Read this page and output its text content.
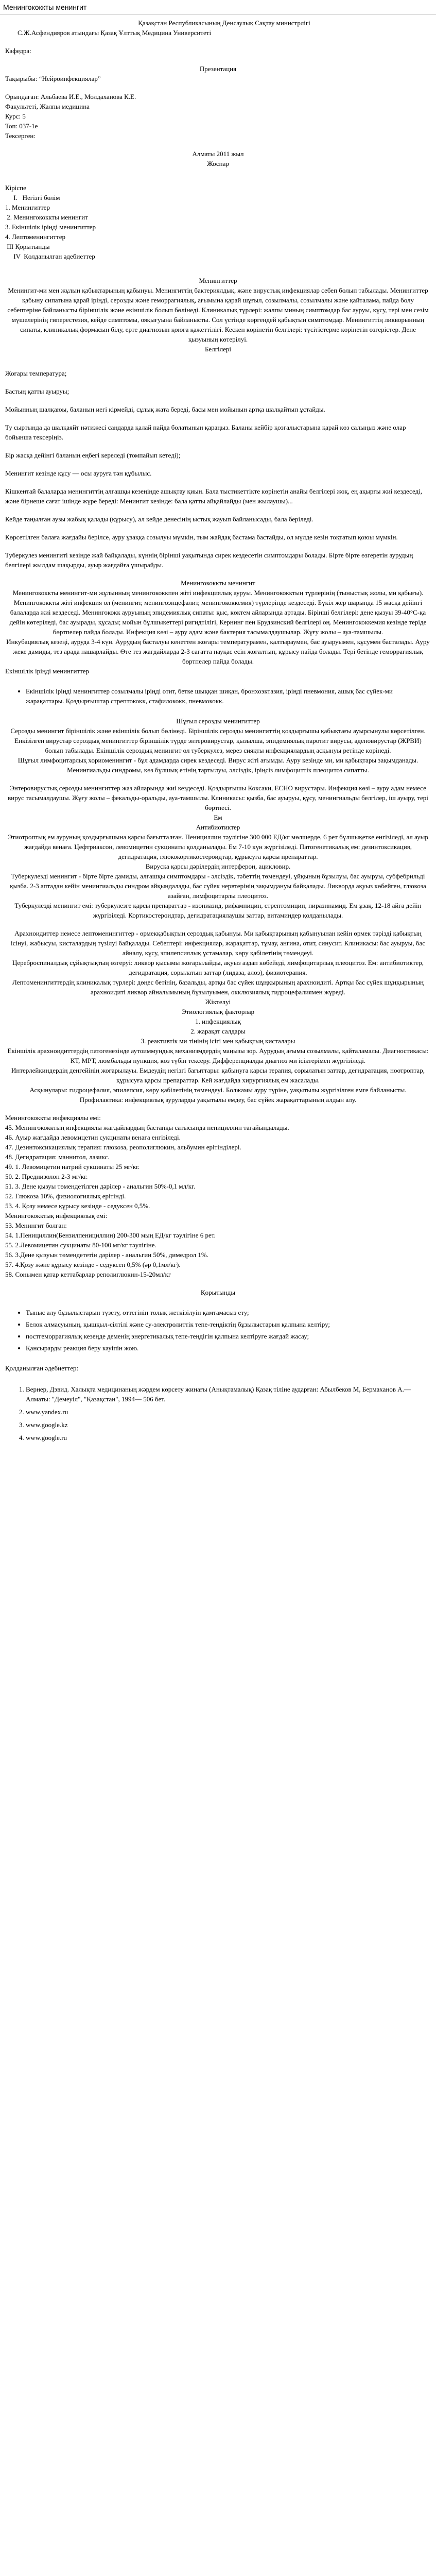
Менингококкты менингит

Қазақстан Республикасының Денсаулық Сақтау министрлігі

С.Ж.Асфендияров атындағы Қазақ Ұлттық Медицина Университеті

Кафедра:

Презентация

Тақырыбы: “Нейроинфекциялар”

Орындаған: Альбаева И.Е., Молдаханова К.Е.

Факультеті, Жалпы медицина

Курс: 5

Топ: 037-1е

Тексерген:

Алматы 2011 жыл

Жоспар

Кіріспе

I.   Негізгі бөлім

1. Менингиттер

2. Менингококкты менингит

3. Екіншілік іріңді менингиттер

4. Лептоменингиттер

III Қорытынды

IV  Қолданылған әдебиеттер

Менингиттер

Менингит-ми мен жұлын қабықтарының қабынуы. Менингиттің бактериялдық, және вирустық инфекциялар себеп болып табылады. Менингиттер қабыну сипатына қарай іріңді, серозды және геморрагиялық, ағымына қарай шұғыл, созылмалы, созылмалы және қайталама, пайда болу себептеріне байланысты біріншілік және екіншілік болып бөлінеді. Клиникалық түрлері: жалпы миның симптомдар бас ауруы, құсу, тері мен сезім мүшелерінің гиперестезия, кейде симптомы, ояқығуына байланысты. Сол үстінде көргендей қабықтың симптомдар. Менингиттің ликворынның сипаты, клиникалық формасын білу, ерте диагнозын қоюға қажеттілігі. Кескен көрінетін белгілері: түсітістерме көрінетін өзгерістер. Дене қызуының көтерілуі.

Белгілері

Жоғары температура;

Бастың қатты ауыруы;

Мойынның шалқаюы, баланың иегі кірмейді, сұлық жата береді, басы мен мойынын артқа шалқайтып ұстайды.

Ту сыртында да шалқаяйт нәтижесі сандарда қалай пайда болатынын қараңыз. Баланы кейбір қозғалыстарына қарай көз салыңыз және олар бойынша тексеріңіз.

Бір жасқа дейінгі баланың еңбегі кереледі (томпайып кетеді);

Менингит кезінде құсу — осы ауруға тән құбылыс.

Кішкентай балаларда менингиттің алғашқы кезеңінде ашықтау қиын. Бала тыстикеттікте көрінетін анайы белгілері жоқ, ең ақырғы жиі кездеседі, және бірнеше сағат ішінде жүре береді: Менингит кезінде: бала қатты айқайлайды (мен жылаушы)...

Кейде таңылған аузы жабық қалады (құрысу), ал кейде денесінің ыстық жауып байланысады, бала беріледі.

Көрсетілген балаға жағдайы берілсе, ауру ұзаққа созылуы мүмкін, тым жайдақ бастама бастайды, ол мүлде кезін тоқтатып қоюы мүмкін.

Туберкулез менингиті кезінде жай байқалады, күннің бірінші уақытында сирек кездесетін симптомдары болады. Бірте бірте өзгеретін аурудың белгілері жылдам шақырды, ауыр жағдайға ұшырайды.

Менингококкты менингит

Менингококкты менингит-ми жұлынның менингококкпен жіті инфекциялық ауруы. Менингококктың түрлерінің (тыныстық жолы, ми қабығы). Менингококкты жіті инфекция ол (менингит, менингоэнцефалит, менингококкемия) түрлерінде кездеседі. Бүкіл жер шарында 15 жасқа дейінгі балаларда жиі кездеседі. Менингококк ауруының эпидемиялық сипаты: қыс, көктем айларында артады. Бірінші белгілері: дене қызуы 39-40°С-қа дейін көтеріледі, бас ауырады, құсады; мойын бұлшықеттері ригидтілігі, Кернинг пен Брудзинский белгілері оң. Менингококкемия кезінде теріде бөртпелер пайда болады. Инфекция көзі – ауру адам және бактерия тасымалдаушылар. Жұғу жолы – ауа-тамшылы.

Инкубациялық кезеңі, ауруда 3-4 күн. Аурудың басталуы кенеттен жоғары температурамен, қалтыраумен, бас ауыруымен, құсумен басталады. Ауру жеке дамиды, тез арада нашарлайды. Өте тез жағдайларда 2-3 сағатта науқас есін жоғалтып, құрысу пайда болады. Тері бетінде геморрагиялық бөртпелер пайда болады.

Екіншілік іріңді менингиттер

• Екіншілік іріңді менингиттер созылмалы іріңді отит, бетке шыққан шиқан, бронхоэктазия, іріңді пневмония, ашық бас сүйек-ми жарақаттары. Қоздырғыштар стрептококк, стафилококк, пневмококк.

Шұғыл серозды менингиттер

Серозды менингит біріншілік және екіншілік болып бөлінеді. Біріншілік серозды менингиттің қоздырғышы қабықтағы ауырсынулы көрсетілген. Енкізілген вирустар сероздық менингиттер біріншілік түрде энтеровирустар, қызылша, эпидемиялық паротит вирусы, аденовирустар (ЖРВИ) болып табылады. Екіншілік сероздық менингит ол туберкулез, мерез сияқты инфекциялардың асқынуы ретінде көрінеді.

Шұғыл лимфоцитарлық хориоменингит - бұл адамдарда сирек кездеседі. Вирус жіті ағымды. Ауру кезінде ми, ми қабықтары зақымданады. Менингиальды синдромы, көз бұлшық етінің тартылуы, әлсіздік, іріңсіз лимфоциттік плеоцитоз сипатты.

Энтеровирустық серозды менингиттер жаз айларында жиі кездеседі. Қоздырғышы Коксаки, ЕСНО вирустары. Инфекция көзі – ауру адам немесе вирус тасымалдаушы. Жұғу жолы – фекальды-оральды, ауа-тамшылы. Клиникасы: қызба, бас ауыруы, құсу, менингиальды белгілер, іш ауыру, тері бөртпесі.

Ем

Антибиотиктер

Этиотроптық ем ауруның қоздырғышына қарсы бағытталған. Пенициллин тәулігіне 300 000 ЕД/кг мөлшерде, 6 рет бұлшықетке енгізіледі, ал ауыр жағдайда венаға. Цефтриаксон, левомицетин сукцинаты қолданылады. Ем 7-10 күн жүргізіледі. Патогенетикалық ем: дезинтоксикация, дегидратация, глюкокортикостероидтар, құрысуға қарсы препараттар.

Вируска қарсы дәрілердің интерферон, ацикловир.

Туберкулезді менингит - бірте бірте дамиды, алғашқы симптомдары - әлсіздік, тәбеттің төмендеуі, ұйқының бұзылуы, бас ауыруы, субфебрильді қызба. 2-3 аптадан кейін менингиальды синдром айқындалады, бас сүйек нервтерінің зақымдануы байқалады. Ликворда ақуыз көбейген, глюкоза азайған, лимфоцитарлы плеоцитоз.

Туберкулезді менингит емі: туберкулезге қарсы препараттар - изониазид, рифампицин, стрептомицин, пиразинамид. Ем ұзақ, 12-18 айға дейін жүргізіледі. Кортикостероидтар, дегидратациялаушы заттар, витаминдер қолданылады.

Арахноидиттер немесе лептоменингиттер - өрмекқабықтың сероздық қабынуы. Ми қабықтарының қабынуынан кейін өрмек тәрізді қабықтың ісінуі, жабысуы, кисталардың түзілуі байқалады. Себептері: инфекциялар, жарақаттар, тұмау, ангина, отит, синусит. Клиникасы: бас ауыруы, бас айналу, құсу, эпилепсиялық ұстамалар, көру қабілетінің төмендеуі.

Цереброспиналдық сұйықтықтың өзгеруі: ликвор қысымы жоғарылайды, ақуыз аздап көбейеді, лимфоцитарлық плеоцитоз. Ем: антибиотиктер, дегидратация, сорылатын заттар (лидаза, алоэ), физиотерапия.

Лептоменингиттердің клиникалық түрлері: дөңес бетінің, базальды, артқы бас сүйек шұңқырының арахноидиті. Артқы бас сүйек шұңқырының арахноидиті ликвор айналымының бұзылуымен, окклюзиялық гидроцефалиямен жүреді.

Жіктелуі

Этиологиялық факторлар

1. инфекциялық

2. жарақат салдары

3. реактивтік ми тінінің ісігі мен қабықтың кисталары

Екіншілік арахноидиттердің патогенезінде аутоиммундық механизмдердің маңызы зор. Аурудың ағымы созылмалы, қайталамалы. Диагностикасы: КТ, МРТ, люмбальды пункция, көз түбін тексеру. Дифференциалды диагноз ми ісіктерімен жүргізіледі.

Интерлейкиндердің деңгейінің жоғарылауы. Емдеудің негізгі бағыттары: қабынуға қарсы терапия, сорылатын заттар, дегидратация, ноотроптар, құрысуға қарсы препараттар. Кей жағдайда хирургиялық ем жасалады.

Асқынулары: гидроцефалия, эпилепсия, көру қабілетінің төмендеуі. Болжамы ауру түріне, уақытылы жүргізілген емге байланысты.

Профилактика: инфекциялық ауруларды уақытылы емдеу, бас сүйек жарақаттарының алдын алу.

Менингококкты инфекциялы емі:

45. Менингококктың инфекциялы жағдайлардың бастапқы сатысында пенициллин тағайындалады.

46. Ауыр жағдайда левомицетин сукцинаты венаға енгізіледі.

47. Дезинтоксикациялық терапия: глюкоза, реополиглюкин, альбумин ерітінділері.

48. Дегидратация: маннитол, лазикс.

49. 1. Левомицетин натрий сукцинаты 25 мг/кг.

50. 2. Преднизолон 2-3 мг/кг.

51. 3. Дене қызуы төмендетілген дәрілер - анальгин 50%-0,1 мл/кг.

52. Глюкоза 10%, физиологиялық ерітінді.

53. 4. Қозу немесе құрысу кезінде - седуксен 0,5%.

Менингококктық инфекциялық емі:

53. Менингит болған:

54. 1.Пенициллин(Бензилпенициллин) 200-300 мың ЕД/кг тәулігіне 6 рет.

55. 2.Левомицетин сукцинаты 80-100 мг/кг тәулігіне.

56. 3.Дене қызуын төмендететін дәрілер - анальгин 50%, димедрол 1%.

57. 4.Қозу және құрысу кезінде - седуксен 0,5% (әр 0,1мл/кг).

58. Сонымен қатар кеттабарлар реполиглюкин-15-20мл/кг

Қорытынды

• Тыныс алу бұзылыстарын түзету, оттегінің толық жеткізілуін қамтамасыз ету;
• Белок алмасуының, қышқыл-сілтілі және су-электролиттік тепе-теңдіктің бұзылыстарын қалпына келтіру;
• постгеморрагиялық кезеңде деменің энергетикалық тепе-теңдігін қалпына келтіруге жағдай жасау;
• Қансырарды реакция беру кауіпін жою.

Қолданылған әдебиеттер:

1. Вернер, Дэвид. Халықта медицинаның жәрдем көрсету жинағы (Анықтамалық) Қазақ тіліне аударған: Абылбеков М, Бермаханов А.— Алматы: "Демеуіл", "Қазақстан", 1994— 506 бет.
2. www.yandex.ru
3. www.google.kz
4. www.google.ru
